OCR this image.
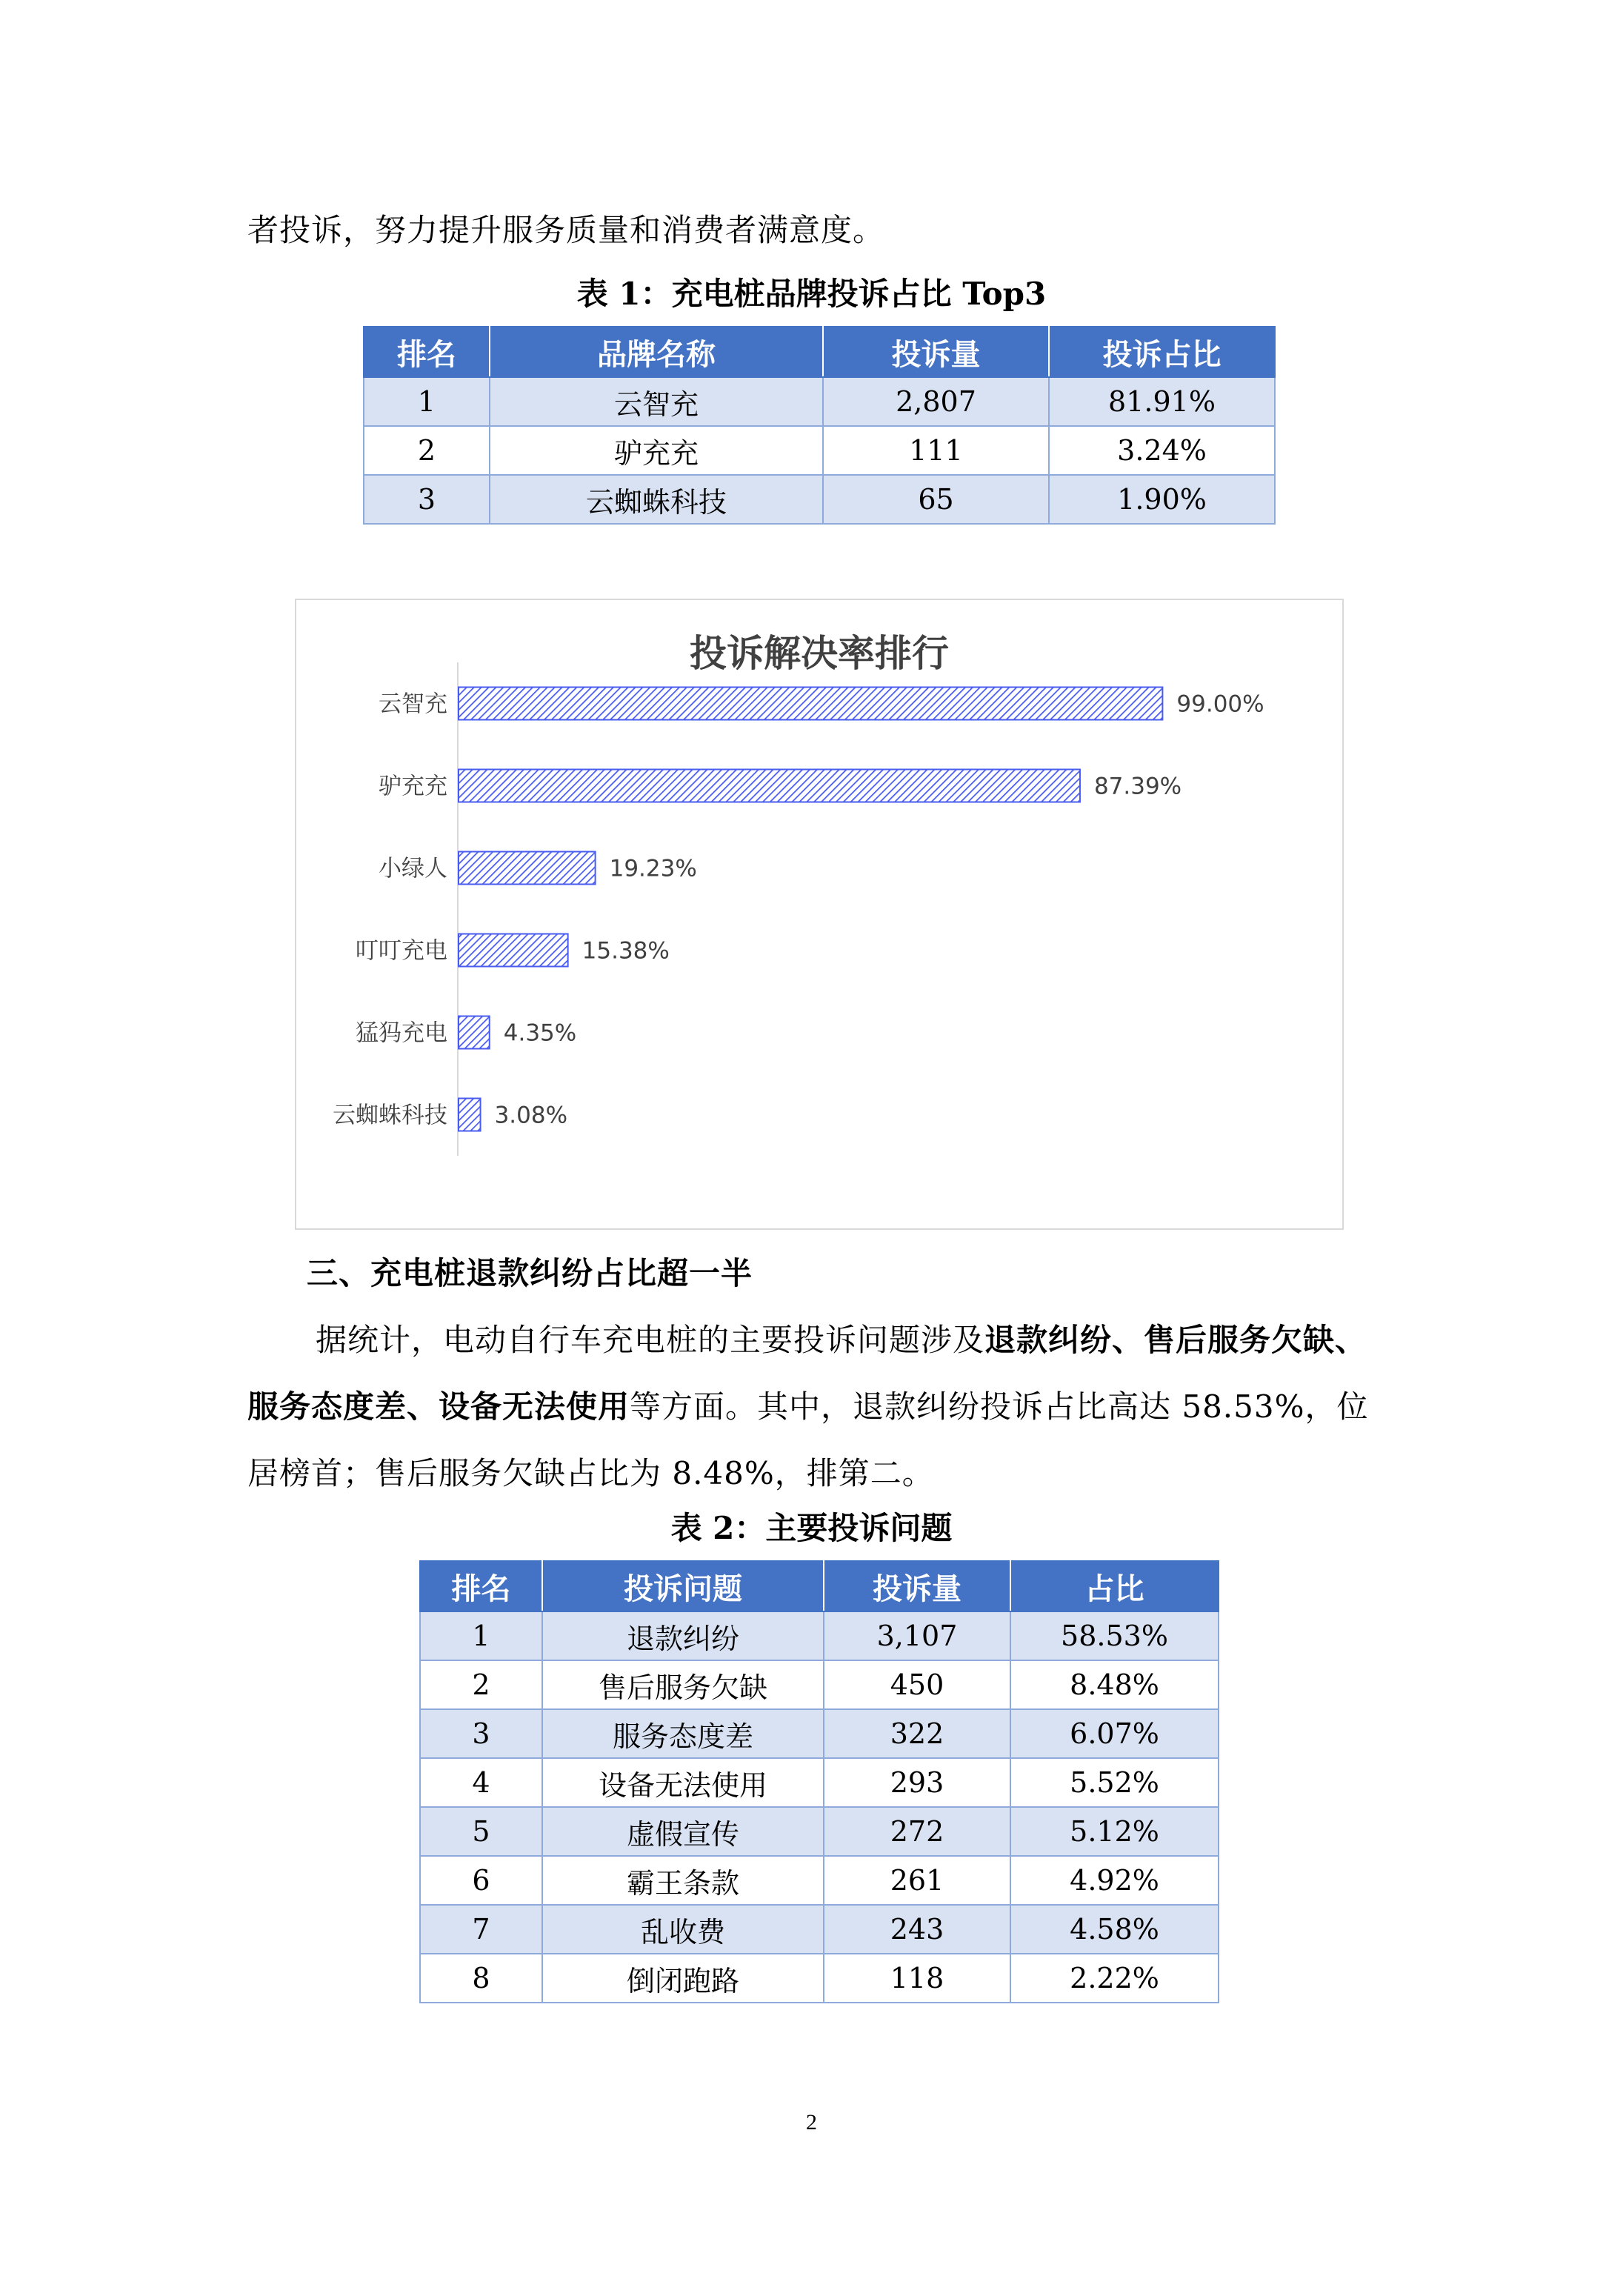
者投诉，努力提升服务质量和消费者满意度。
表 1：充电桩品牌投诉占比 Top3
排名	品牌名称	投诉量	投诉占比
1	云智充	2,807	81.91%
2	驴充充	111	3.24%
3	云蜘蛛科技	65	1.90%
投诉解决率排行
云智充	99.00%
驴充充	87.39%
小绿人	19.23%
叮叮充电	15.38%
猛犸充电 4.35%
云蜘蛛科技 3.08%
三、充电桩退款纠纷占比超一半
据统计，电动自行车充电桩的主要投诉问题涉及退款纠纷、售后服务欠缺、
服务态度差、设备无法使用等方面。其中，退款纠纷投诉占比高达 58.53%，位
居榜首；售后服务欠缺占比为 8.48%，排第二。
表 2：主要投诉问题
排名	投诉问题	投诉量	占比
1	退款纠纷	3,107	58.53%
2	售后服务欠缺	450	8.48%
3	服务态度差	322	6.07%
4	设备无法使用	293	5.52%
5	虚假宣传	272	5.12%
6	霸王条款	261	4.92%
7	乱收费	243	4.58%
8	倒闭跑路	118	2.22%
2
